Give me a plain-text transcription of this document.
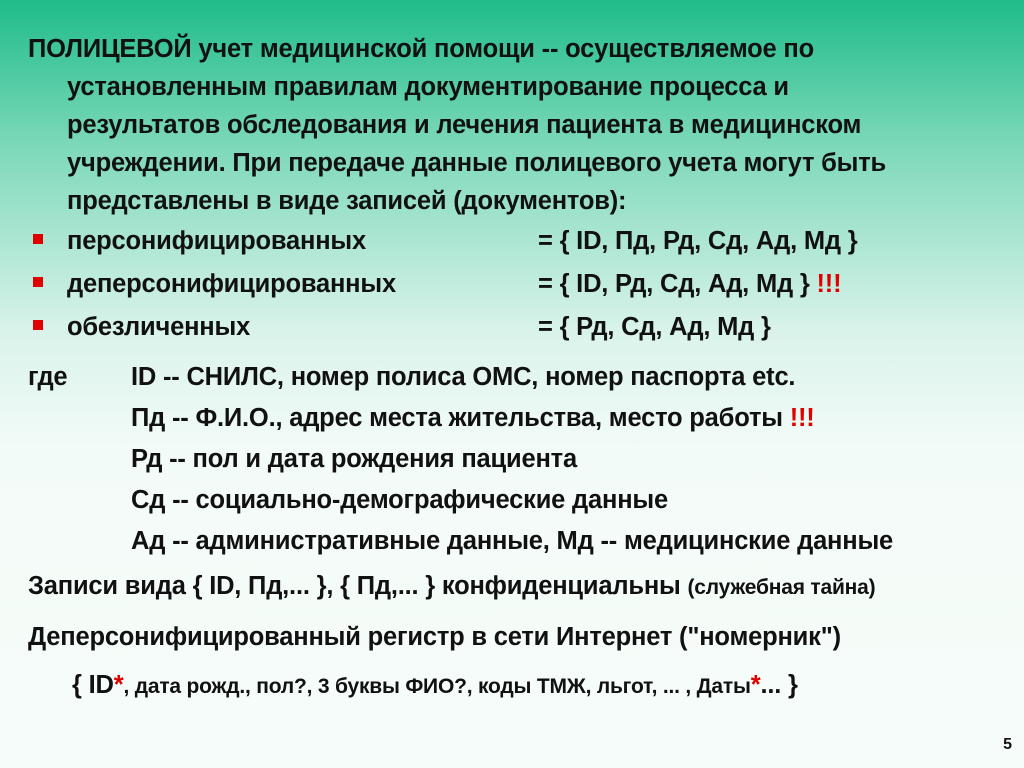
ПОЛИЦЕВОЙ учет медицинской помощи -- осуществляемое по
установленным правилам документирование процесса и
результатов обследования и лечения пациента в медицинском
учреждении. При передаче данные полицевого учета могут быть
представлены в виде записей (документов):
персонифицированных	= { ID, Пд, Рд, Сд, Ад, Мд }
деперсонифицированных	= { ID, Рд, Сд, Ад, Мд } !!!
обезличенных	= { Рд, Сд, Ад, Мд }
где ID -- СНИЛС, номер полиса ОМС, номер паспорта etc.
Пд -- Ф.И.О., адрес места жительства, место работы !!!
Рд -- пол и дата рождения пациента
Сд -- социально-демографические данные
Ад -- административные данные, Мд -- медицинские данные
Записи вида { ID, Пд,... }, { Пд,... } конфиденциальны (служебная тайна)
Деперсонифицированный регистр в сети Интернет ("номерник")
{ ID*, дата рожд., пол?, 3 буквы ФИО?, коды ТМЖ, льгот, ... , Даты*... }
5
